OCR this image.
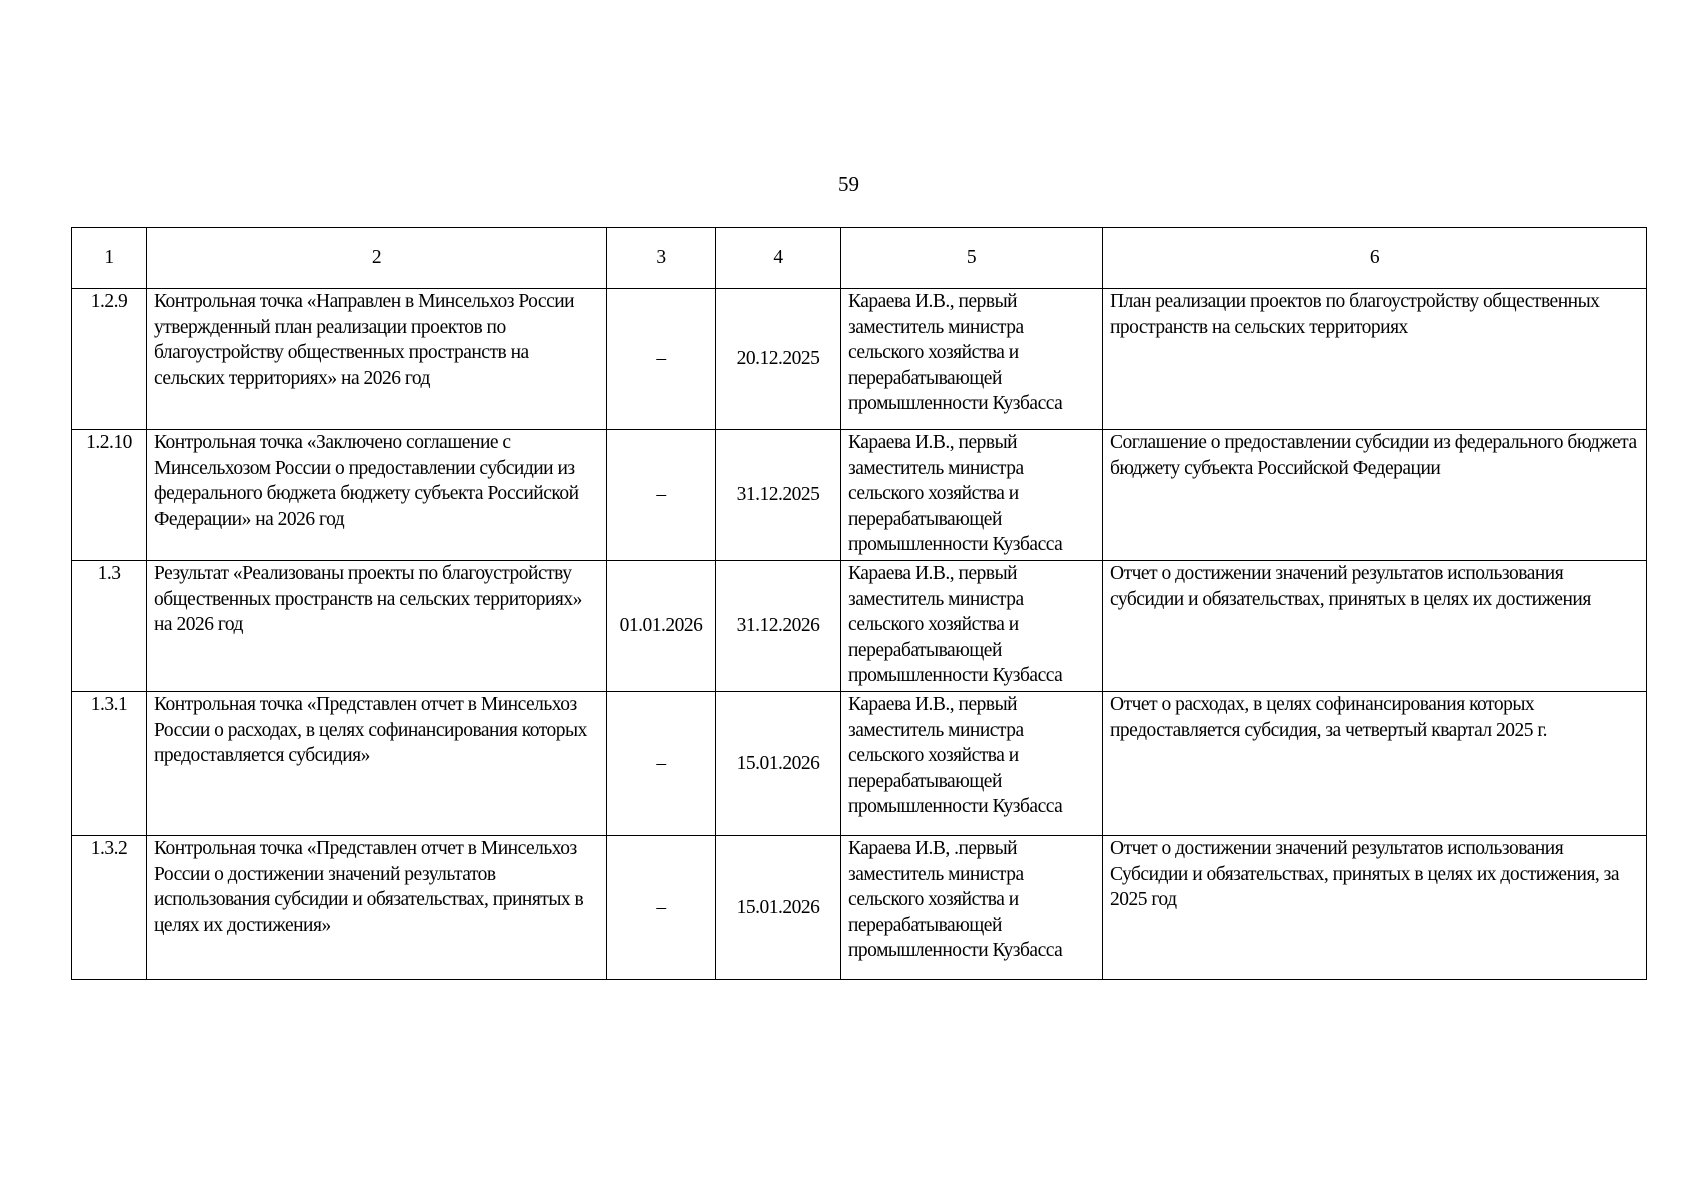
59
1	2	3	4	5	6
1.2.9	Контрольная точка «Направлен в Минсельхоз России утвержденный план реализации проектов по благоустройству общественных пространств на сельских территориях» на 2026 год	–	20.12.2025	Караева И.В., первый заместитель министра сельского хозяйства и перерабатывающей промышленности Кузбасса	План реализации проектов по благоустройству общественных пространств на сельских территориях
1.2.10	Контрольная точка «Заключено соглашение с Минсельхозом России о предоставлении субсидии из федерального бюджета бюджету субъекта Российской Федерации» на 2026 год	–	31.12.2025	Караева И.В., первый заместитель министра сельского хозяйства и перерабатывающей промышленности Кузбасса	Соглашение о предоставлении субсидии из федерального бюджета бюджету субъекта Российской Федерации
1.3	Результат «Реализованы проекты по благоустройству общественных пространств на сельских территориях» на 2026 год	01.01.2026	31.12.2026	Караева И.В., первый заместитель министра сельского хозяйства и перерабатывающей промышленности Кузбасса	Отчет о достижении значений результатов использования субсидии и обязательствах, принятых в целях их достижения
1.3.1	Контрольная точка «Представлен отчет в Минсельхоз России о расходах, в целях софинансирования которых предоставляется субсидия»	–	15.01.2026	Караева И.В., первый заместитель министра сельского хозяйства и перерабатывающей промышленности Кузбасса	Отчет о расходах, в целях софинансирования которых предоставляется субсидия, за четвертый квартал 2025 г.
1.3.2	Контрольная точка «Представлен отчет в Минсельхоз России о достижении значений результатов использования субсидии и обязательствах, принятых в целях их достижения»	–	15.01.2026	Караева И.В, .первый заместитель министра сельского хозяйства и перерабатывающей промышленности Кузбасса	Отчет о достижении значений результатов использования Субсидии и обязательствах, принятых в целях их достижения, за 2025 год
